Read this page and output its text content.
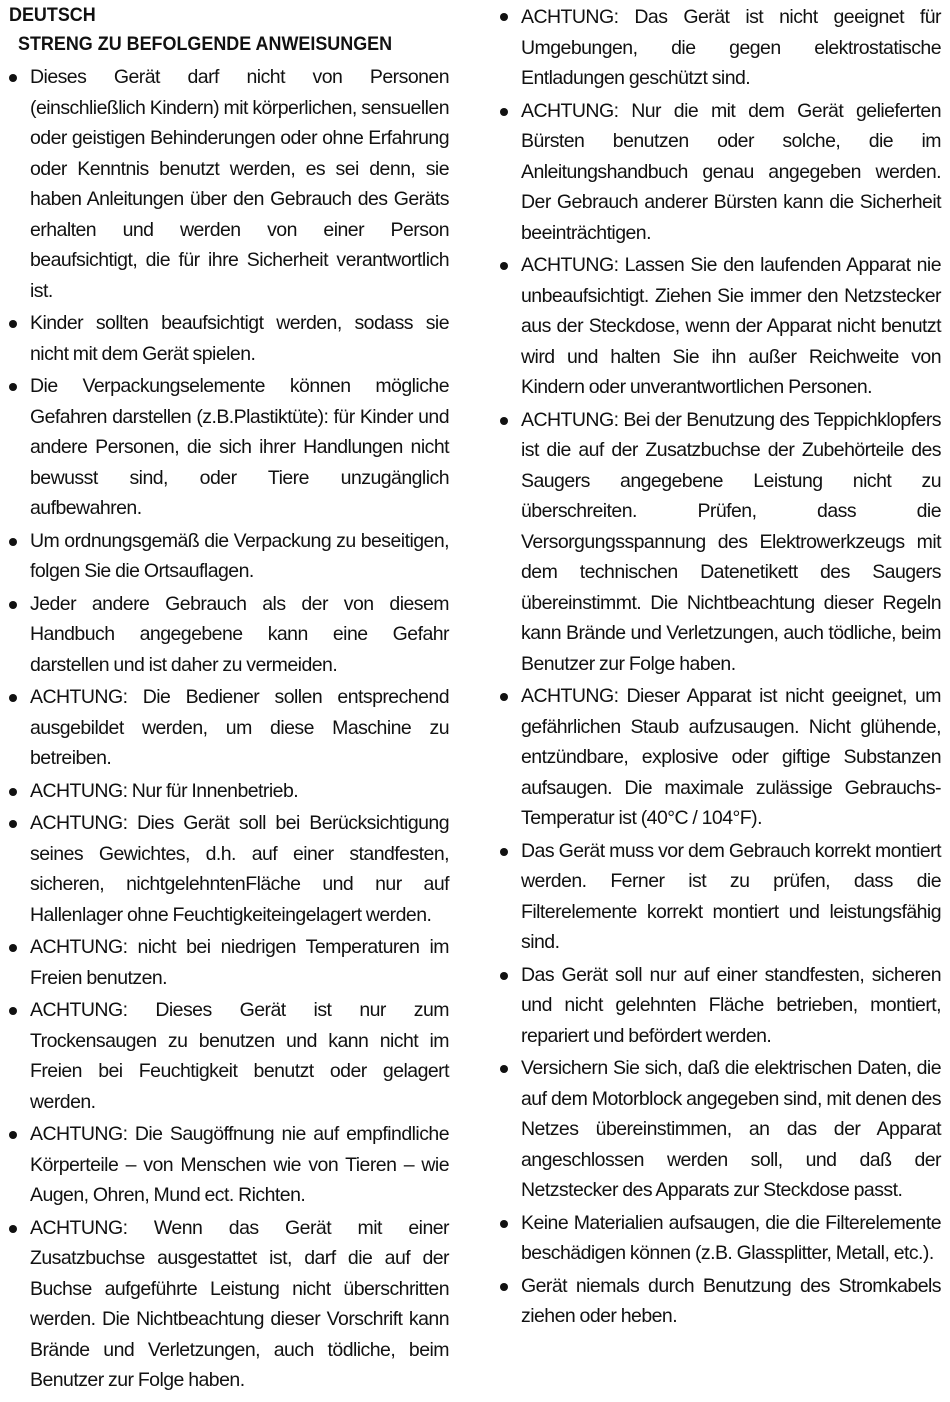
DEUTSCH
STRENG ZU BEFOLGENDE ANWEISUNGEN
Dieses Gerät darf nicht von Personen (einschließlich Kindern) mit körperlichen, sensuellen oder geistigen Behinderungen oder ohne Erfahrung oder Kenntnis benutzt werden, es sei denn, sie haben Anleitungen über den Gebrauch des Geräts erhalten und werden von einer Person beaufsichtigt, die für ihre Sicherheit verantwortlich ist.
Kinder sollten beaufsichtigt werden, sodass sie nicht mit dem Gerät spielen.
Die Verpackungselemente können mögliche Gefahren darstellen (z.B.Plastiktüte): für Kinder und andere Personen, die sich ihrer Handlungen nicht bewusst sind, oder Tiere unzugänglich aufbewahren.
Um ordnungsgemäß die Verpackung zu beseitigen, folgen Sie die Ortsauflagen.
Jeder andere Gebrauch als der von diesem Handbuch angegebene kann eine Gefahr darstellen und ist daher zu vermeiden.
ACHTUNG: Die Bediener sollen entsprechend ausgebildet werden, um diese Maschine zu betreiben.
ACHTUNG: Nur für Innenbetrieb.
ACHTUNG: Dies Gerät soll bei Berücksichtigung seines Gewichtes, d.h. auf einer standfesten, sicheren, nichtgelehntenFläche und nur auf Hallenlager ohne Feuchtigkeiteingelagert werden.
ACHTUNG: nicht bei niedrigen Temperaturen im Freien benutzen.
ACHTUNG: Dieses Gerät ist nur zum Trockensaugen zu benutzen und kann nicht im Freien bei Feuchtigkeit benutzt oder gelagert werden.
ACHTUNG: Die Saugöffnung nie auf empfindliche Körperteile – von Menschen wie von Tieren – wie Augen, Ohren, Mund ect. Richten.
ACHTUNG: Wenn das Gerät mit einer Zusatzbuchse ausgestattet ist, darf die auf der Buchse aufgeführte Leistung nicht überschritten werden. Die Nichtbeachtung dieser Vorschrift kann Brände und Verletzungen, auch tödliche, beim Benutzer zur Folge haben.
ACHTUNG: Das Gerät ist nicht geeignet für Umgebungen, die gegen elektrostatische Entladungen geschützt sind.
ACHTUNG: Nur die mit dem Gerät gelieferten Bürsten benutzen oder solche, die im Anleitungshandbuch genau angegeben werden. Der Gebrauch anderer Bürsten kann die Sicherheit beeinträchtigen.
ACHTUNG: Lassen Sie den laufenden Apparat nie unbeaufsichtigt. Ziehen Sie immer den Netzstecker aus der Steckdose, wenn der Apparat nicht benutzt wird und halten Sie ihn außer Reichweite von Kindern oder unverantwortlichen Personen.
ACHTUNG: Bei der Benutzung des Teppichklopfers ist die auf der Zusatzbuchse der Zubehörteile des Saugers angegebene Leistung nicht zu überschreiten. Prüfen, dass die Versorgungsspannung des Elektrowerkzeugs mit dem technischen Datenetikett des Saugers übereinstimmt. Die Nichtbeachtung dieser Regeln kann Brände und Verletzungen, auch tödliche, beim Benutzer zur Folge haben.
ACHTUNG: Dieser Apparat ist nicht geeignet, um gefährlichen Staub aufzusaugen. Nicht glühende, entzündbare, explosive oder giftige Substanzen aufsaugen. Die maximale zulässige Gebrauchs-Temperatur ist (40°C / 104°F).
Das Gerät muss vor dem Gebrauch korrekt montiert werden. Ferner ist zu prüfen, dass die Filterelemente korrekt montiert und leistungsfähig sind.
Das Gerät soll nur auf einer standfesten, sicheren und nicht gelehnten Fläche betrieben, montiert, repariert und befördert werden.
Versichern Sie sich, daß die elektrischen Daten, die auf dem Motorblock angegeben sind, mit denen des Netzes übereinstimmen, an das der Apparat angeschlossen werden soll, und daß der Netzstecker des Apparats zur Steckdose passt.
Keine Materialien aufsaugen, die die Filterelemente beschädigen können (z.B. Glassplitter, Metall, etc.).
Gerät niemals durch Benutzung des Stromkabels ziehen oder heben.
